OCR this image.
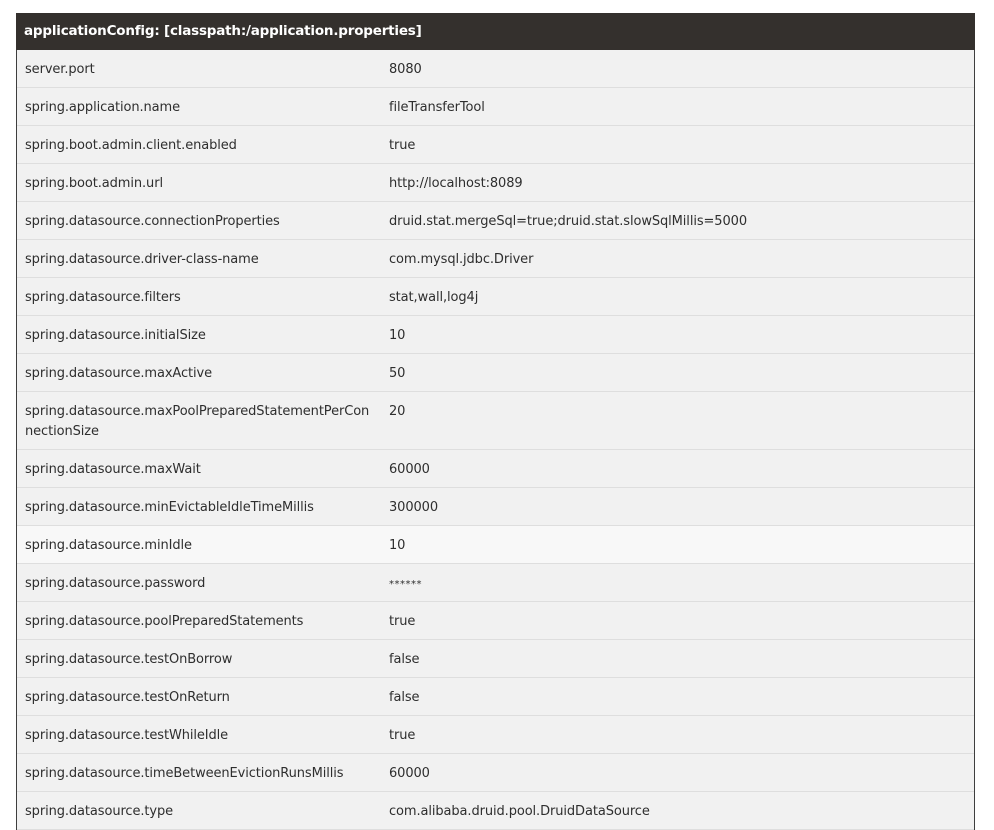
applicationConfig: [classpath:/application.properties]
server.port	8080
spring.application.name	fileTransferTool
spring.boot.admin.client.enabled	true
spring.boot.admin.url	http://localhost:8089
spring.datasource.connectionProperties	druid.stat.mergeSql=true;druid.stat.slowSqlMillis=5000
spring.datasource.driver-class-name	com.mysql.jdbc.Driver
spring.datasource.filters	stat,wall,log4j
spring.datasource.initialSize	10
spring.datasource.maxActive	50
spring.datasource.maxPoolPreparedStatementPerConnectionSize	20
spring.datasource.maxWait	60000
spring.datasource.minEvictableIdleTimeMillis	300000
spring.datasource.minIdle	10
spring.datasource.password	******
spring.datasource.poolPreparedStatements	true
spring.datasource.testOnBorrow	false
spring.datasource.testOnReturn	false
spring.datasource.testWhileIdle	true
spring.datasource.timeBetweenEvictionRunsMillis	60000
spring.datasource.type	com.alibaba.druid.pool.DruidDataSource
